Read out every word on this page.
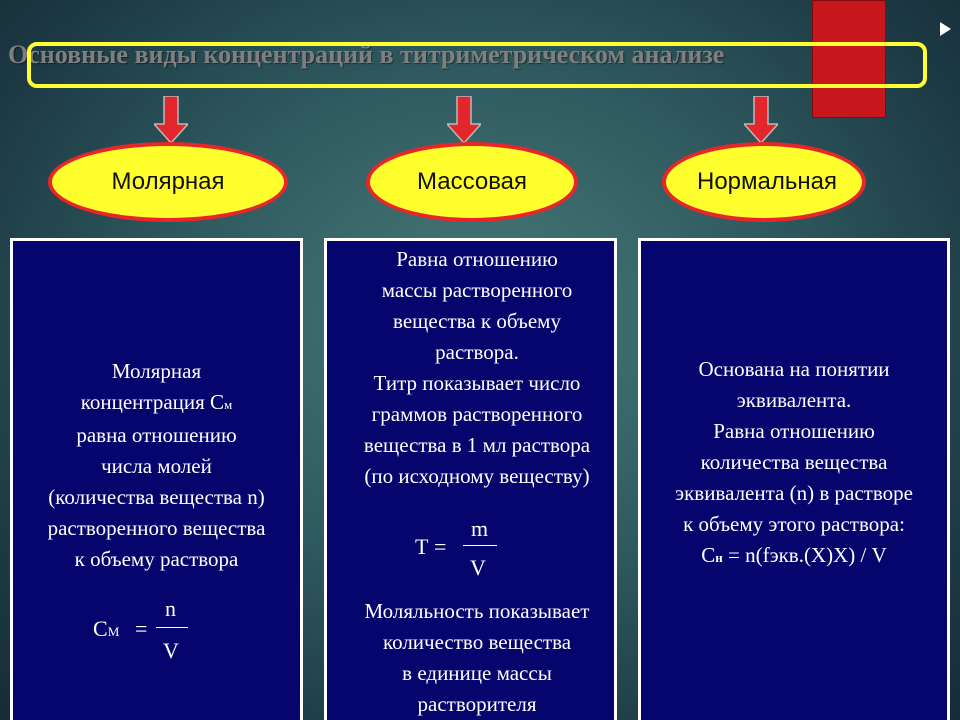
Основные виды концентраций в титриметрическом анализе
Молярная	Массовая	Нормальная
Молярная
концентрация См
равна отношению
числа молей
(количества вещества n)
растворенного вещества
к объему раствора
СМ =
n
V
Равна отношению
массы растворенного
вещества к объему
раствора.
Титр показывает число
граммов растворенного
вещества в 1 мл раствора
(по исходному веществу)
Т =
m
V
Моляльность показывает
количество вещества
в единице массы
растворителя
Основана на понятии
эквивалента.
Равна отношению
количества вещества
эквивалента (n) в растворе
к объему этого раствора:
Сн = n(fэкв.(X)X) / V
